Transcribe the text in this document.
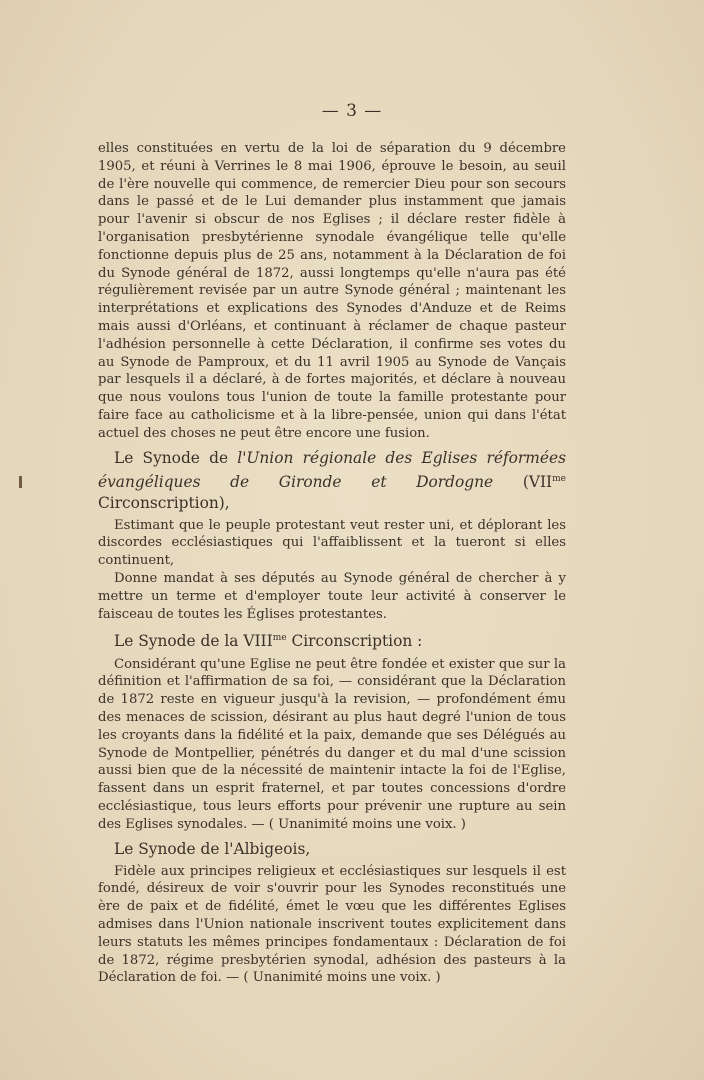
— 3 —

elles constituées en vertu de la loi de séparation du 9 décembre 1905, et réuni à Verrines le 8 mai 1906, éprouve le besoin, au seuil de l'ère nouvelle qui commence, de remercier Dieu pour son secours dans le passé et de le Lui demander plus instamment que jamais pour l'avenir si obscur de nos Eglises ; il déclare rester fidèle à l'organisation presbytérienne synodale évangélique telle qu'elle fonctionne depuis plus de 25 ans, notamment à la Déclaration de foi du Synode général de 1872, aussi longtemps qu'elle n'aura pas été régulièrement revisée par un autre Synode général ; maintenant les interprétations et explications des Synodes d'Anduze et de Reims mais aussi d'Orléans, et continuant à réclamer de chaque pasteur l'adhésion personnelle à cette Déclaration, il confirme ses votes du au Synode de Pamproux, et du 11 avril 1905 au Synode de Vançais par lesquels il a déclaré, à de fortes majorités, et déclare à nouveau que nous voulons tous l'union de toute la famille protestante pour faire face au catholicisme et à la libre-pensée, union qui dans l'état actuel des choses ne peut être encore une fusion.

Le Synode de l'Union régionale des Eglises réformées évangéliques de Gironde et Dordogne ($VII^{me}$ Circonscription),

Estimant que le peuple protestant veut rester uni, et déplorant les discordes ecclésiastiques qui l'affaiblissent et la tueront si elles continuent,

Donne mandat à ses députés au Synode général de chercher à y mettre un terme et d'employer toute leur activité à conserver le faisceau de toutes les Églises protestantes.

Le Synode de la $VIII^{me}$ Circonscription :

Considérant qu'une Eglise ne peut être fondée et exister que sur la définition et l'affirmation de sa foi, — considérant que la Déclaration de 1872 reste en vigueur jusqu'à la revision, — profondément ému des menaces de scission, désirant au plus haut degré l'union de tous les croyants dans la fidélité et la paix, demande que ses Délégués au Synode de Montpellier, pénétrés du danger et du mal d'une scission aussi bien que de la nécessité de maintenir intacte la foi de l'Eglise, fassent dans un esprit fraternel, et par toutes concessions d'ordre ecclésiastique, tous leurs efforts pour prévenir une rupture au sein des Eglises synodales. — ( Unanimité moins une voix. )

Le Synode de l'Albigeois,

Fidèle aux principes religieux et ecclésiastiques sur lesquels il est fondé, désireux de voir s'ouvrir pour les Synodes reconstitués une ère de paix et de fidélité, émet le vœu que les différentes Eglises admises dans l'Union nationale inscrivent toutes explicitement dans leurs statuts les mêmes principes fondamentaux : Déclaration de foi de 1872, régime presbytérien synodal, adhésion des pasteurs à la Déclaration de foi. — ( Unanimité moins une voix. )
